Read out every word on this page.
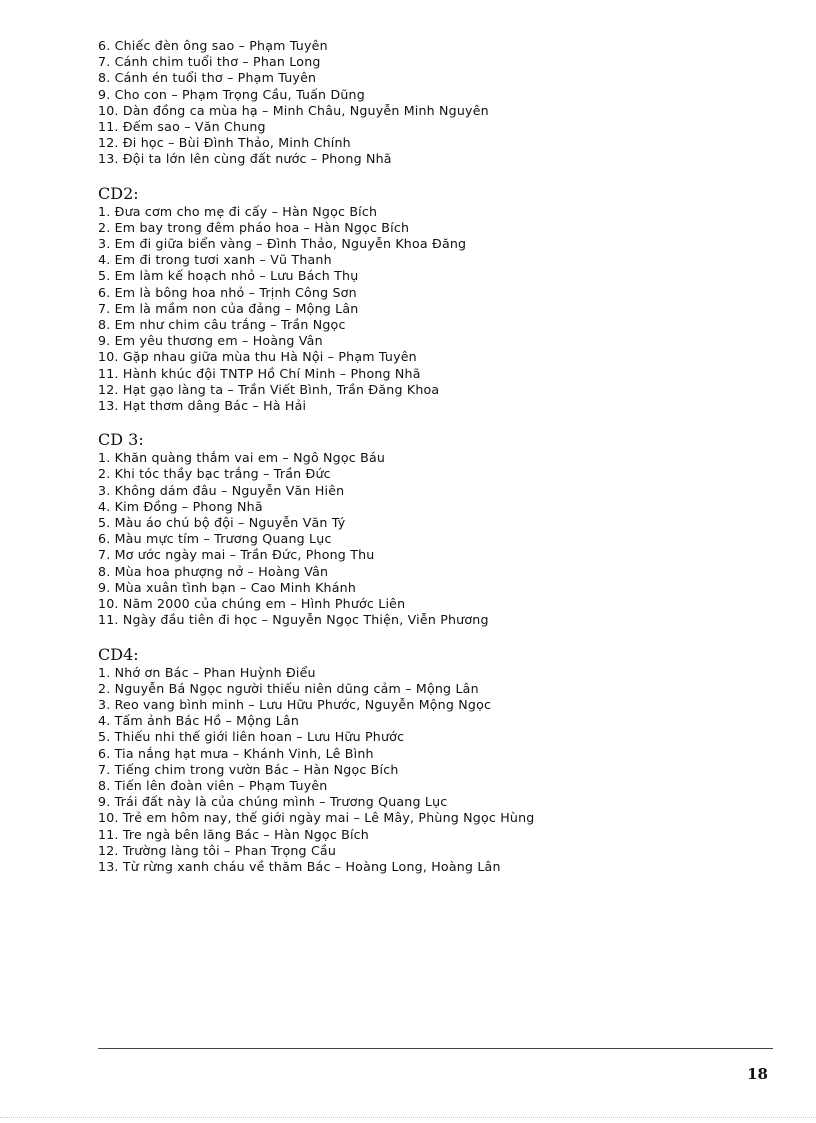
6. Chiếc đèn ông sao – Phạm Tuyên
7. Cánh chim tuổi thơ – Phan Long
8. Cánh én tuổi thơ – Phạm Tuyên
9. Cho con – Phạm Trọng Cầu, Tuấn Dũng
10. Dàn đồng ca mùa hạ – Minh Châu, Nguyễn Minh Nguyên
11. Đếm sao – Văn Chung
12. Đi học – Bùi Đình Thảo, Minh Chính
13. Đội ta lớn lên cùng đất nước – Phong Nhã
CD2:
1. Đưa cơm cho mẹ đi cấy – Hàn Ngọc Bích
2. Em bay trong đêm pháo hoa – Hàn Ngọc Bích
3. Em đi giữa biển vàng – Đình Thảo, Nguyễn Khoa Đăng
4. Em đi trong tươi xanh – Vũ Thanh
5. Em làm kế hoạch nhỏ – Lưu Bách Thụ
6. Em là bông hoa nhỏ – Trịnh Công Sơn
7. Em là mầm non của đảng – Mộng Lân
8. Em như chim câu trắng – Trần Ngọc
9. Em yêu thương em – Hoàng Vân
10. Gặp nhau giữa mùa thu Hà Nội – Phạm Tuyên
11. Hành khúc đội TNTP Hồ Chí Minh – Phong Nhã
12. Hạt gạo làng ta – Trần Viết Bình, Trần Đăng Khoa
13. Hạt thơm dâng Bác – Hà Hải
CD 3:
1. Khăn quàng thắm vai em – Ngô Ngọc Báu
2. Khi tóc thầy bạc trắng – Trần Đức
3. Không dám đâu – Nguyễn Văn Hiên
4. Kim Đồng – Phong Nhã
5. Màu áo chú bộ đội – Nguyễn Văn Tý
6. Màu mực tím – Trương Quang Lục
7. Mơ ước ngày mai – Trần Đức, Phong Thu
8. Mùa hoa phượng nở – Hoàng Vân
9. Mùa xuân tình bạn – Cao Minh Khánh
10. Năm 2000 của chúng em – Hình Phước Liên
11. Ngày đầu tiên đi học – Nguyễn Ngọc Thiện, Viễn Phương
CD4:
1. Nhớ ơn Bác – Phan Huỳnh Điểu
2. Nguyễn Bá Ngọc người thiếu niên dũng cảm – Mộng Lân
3. Reo vang bình minh – Lưu Hữu Phước, Nguyễn Mộng Ngọc
4. Tấm ảnh Bác Hồ – Mộng Lân
5. Thiếu nhi thế giới liên hoan – Lưu Hữu Phước
6. Tia nắng hạt mưa – Khánh Vinh, Lê Bình
7. Tiếng chim trong vườn Bác – Hàn Ngọc Bích
8. Tiến lên đoàn viên – Phạm Tuyên
9. Trái đất này là của chúng mình – Trương Quang Lục
10. Trẻ em hôm nay, thế giới ngày mai – Lê Mây, Phùng Ngọc Hùng
11. Tre ngà bên lăng Bác – Hàn Ngọc Bích
12. Trường làng tôi – Phan Trọng Cầu
13. Từ rừng xanh cháu về thăm Bác – Hoàng Long, Hoàng Lân
18
